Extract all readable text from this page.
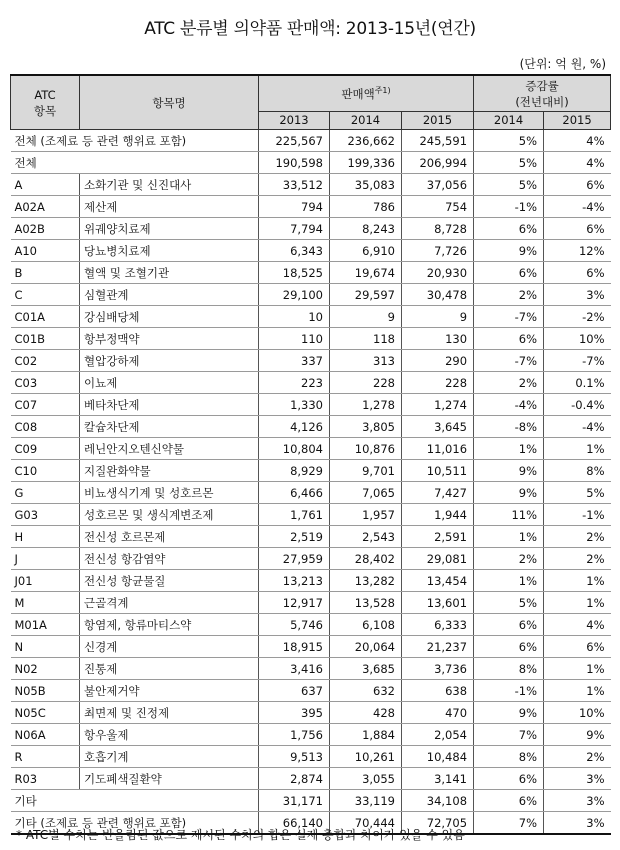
ATC 분류별 의약품 판매액: 2013-15년(연간)
(단위: 억 원, %)
ATC
항목	항목명	판매액$^{주1)}$			증감률
(전년대비)	
		2013	2014	2015	2014	2015
전체 (조제료 등 관련 행위료 포함)		225,567	236,662	245,591	5%	4%
전체		190,598	199,336	206,994	5%	4%
A	소화기관 및 신진대사	33,512	35,083	37,056	5%	6%
A02A	제산제	794	786	754	-1%	-4%
A02B	위궤양치료제	7,794	8,243	8,728	6%	6%
A10	당뇨병치료제	6,343	6,910	7,726	9%	12%
B	혈액 및 조혈기관	18,525	19,674	20,930	6%	6%
C	심혈관계	29,100	29,597	30,478	2%	3%
C01A	강심배당체	10	9	9	-7%	-2%
C01B	항부정맥약	110	118	130	6%	10%
C02	혈압강하제	337	313	290	-7%	-7%
C03	이뇨제	223	228	228	2%	0.1%
C07	베타차단제	1,330	1,278	1,274	-4%	-0.4%
C08	칼슘차단제	4,126	3,805	3,645	-8%	-4%
C09	레닌안지오텐신약물	10,804	10,876	11,016	1%	1%
C10	지질완화약물	8,929	9,701	10,511	9%	8%
G	비뇨생식기계 및 성호르몬	6,466	7,065	7,427	9%	5%
G03	성호르몬 및 생식계변조제	1,761	1,957	1,944	11%	-1%
H	전신성 호르몬제	2,519	2,543	2,591	1%	2%
J	전신성 항감염약	27,959	28,402	29,081	2%	2%
J01	전신성 항균물질	13,213	13,282	13,454	1%	1%
M	근골격계	12,917	13,528	13,601	5%	1%
M01A	항염제, 항류마티스약	5,746	6,108	6,333	6%	4%
N	신경계	18,915	20,064	21,237	6%	6%
N02	진통제	3,416	3,685	3,736	8%	1%
N05B	불안제거약	637	632	638	-1%	1%
N05C	최면제 및 진정제	395	428	470	9%	10%
N06A	항우울제	1,756	1,884	2,054	7%	9%
R	호흡기계	9,513	10,261	10,484	8%	2%
R03	기도폐색질환약	2,874	3,055	3,141	6%	3%
기타		31,171	33,119	34,108	6%	3%
기타 (조제료 등 관련 행위료 포함)		66,140	70,444	72,705	7%	3%
* ATC별 수치는 반올림된 값으로 제시된 수치의 합은 실제 총합과 차이가 있을 수 있음
